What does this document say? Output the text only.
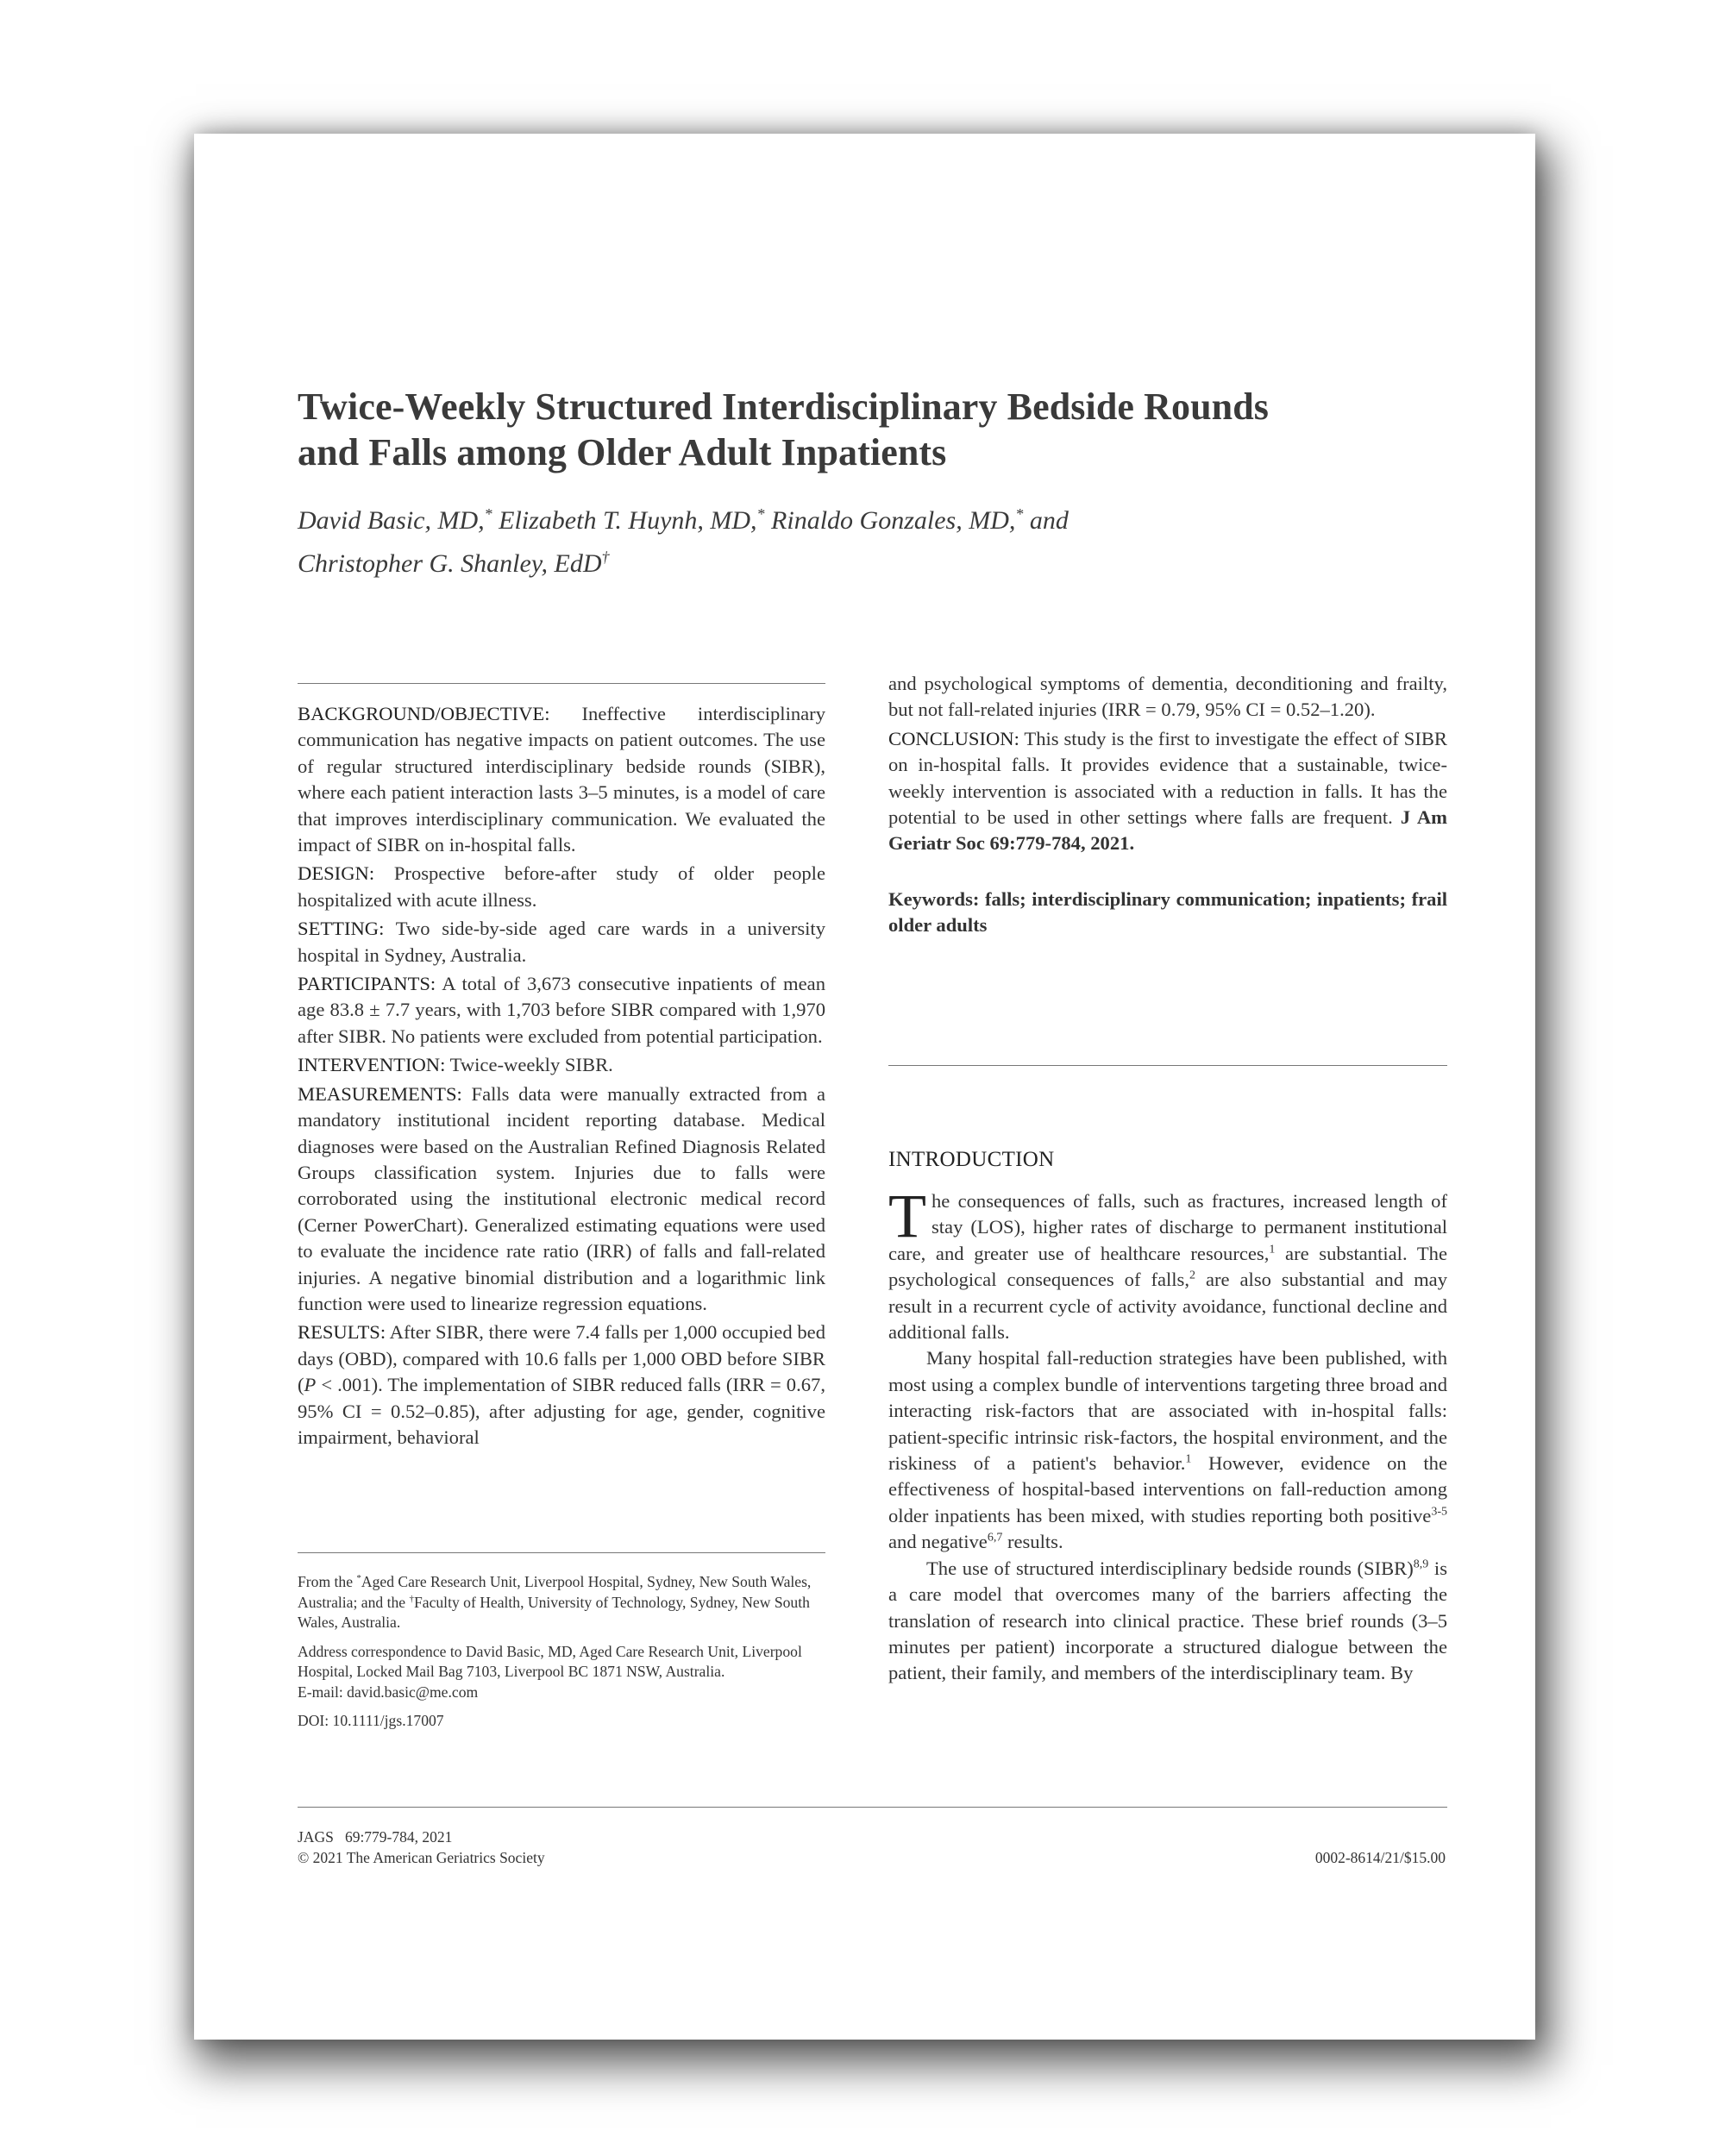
Twice-Weekly Structured Interdisciplinary Bedside Rounds and Falls among Older Adult Inpatients

David Basic, MD,* Elizabeth T. Huynh, MD,* Rinaldo Gonzales, MD,* and
Christopher G. Shanley, EdD†

BACKGROUND/OBJECTIVE: Ineffective interdisciplinary communication has negative impacts on patient outcomes. The use of regular structured interdisciplinary bedside rounds (SIBR), where each patient interaction lasts 3–5 minutes, is a model of care that improves interdisciplinary communication. We evaluated the impact of SIBR on in-hospital falls.

DESIGN: Prospective before-after study of older people hospitalized with acute illness.

SETTING: Two side-by-side aged care wards in a university hospital in Sydney, Australia.

PARTICIPANTS: A total of 3,673 consecutive inpatients of mean age 83.8 ± 7.7 years, with 1,703 before SIBR compared with 1,970 after SIBR. No patients were excluded from potential participation.

INTERVENTION: Twice-weekly SIBR.

MEASUREMENTS: Falls data were manually extracted from a mandatory institutional incident reporting database. Medical diagnoses were based on the Australian Refined Diagnosis Related Groups classification system. Injuries due to falls were corroborated using the institutional electronic medical record (Cerner PowerChart). Generalized estimating equations were used to evaluate the incidence rate ratio (IRR) of falls and fall-related injuries. A negative binomial distribution and a logarithmic link function were used to linearize regression equations.

RESULTS: After SIBR, there were 7.4 falls per 1,000 occupied bed days (OBD), compared with 10.6 falls per 1,000 OBD before SIBR (P < .001). The implementation of SIBR reduced falls (IRR = 0.67, 95% CI = 0.52–0.85), after adjusting for age, gender, cognitive impairment, behavioral

From the *Aged Care Research Unit, Liverpool Hospital, Sydney, New South Wales, Australia; and the †Faculty of Health, University of Technology, Sydney, New South Wales, Australia.

Address correspondence to David Basic, MD, Aged Care Research Unit, Liverpool Hospital, Locked Mail Bag 7103, Liverpool BC 1871 NSW, Australia.
E-mail: david.basic@me.com

DOI: 10.1111/jgs.17007

and psychological symptoms of dementia, deconditioning and frailty, but not fall-related injuries (IRR = 0.79, 95% CI = 0.52–1.20).

CONCLUSION: This study is the first to investigate the effect of SIBR on in-hospital falls. It provides evidence that a sustainable, twice-weekly intervention is associated with a reduction in falls. It has the potential to be used in other settings where falls are frequent. J Am Geriatr Soc 69:779-784, 2021.

Keywords: falls; interdisciplinary communication; inpatients; frail older adults

INTRODUCTION

The consequences of falls, such as fractures, increased length of stay (LOS), higher rates of discharge to permanent institutional care, and greater use of healthcare resources,$^1$ are substantial. The psychological consequences of falls,$^2$ are also substantial and may result in a recurrent cycle of activity avoidance, functional decline and additional falls.

Many hospital fall-reduction strategies have been published, with most using a complex bundle of interventions targeting three broad and interacting risk-factors that are associated with in-hospital falls: patient-specific intrinsic risk-factors, the hospital environment, and the riskiness of a patient's behavior.$^1$ However, evidence on the effectiveness of hospital-based interventions on fall-reduction among older inpatients has been mixed, with studies reporting both positive$^{3-5}$ and negative$^{6,7}$ results.

The use of structured interdisciplinary bedside rounds (SIBR)$^{8,9}$ is a care model that overcomes many of the barriers affecting the translation of research into clinical practice. These brief rounds (3–5 minutes per patient) incorporate a structured dialogue between the patient, their family, and members of the interdisciplinary team. By

JAGS   69:779-784, 2021
© 2021 The American Geriatrics Society	0002-8614/21/$15.00
